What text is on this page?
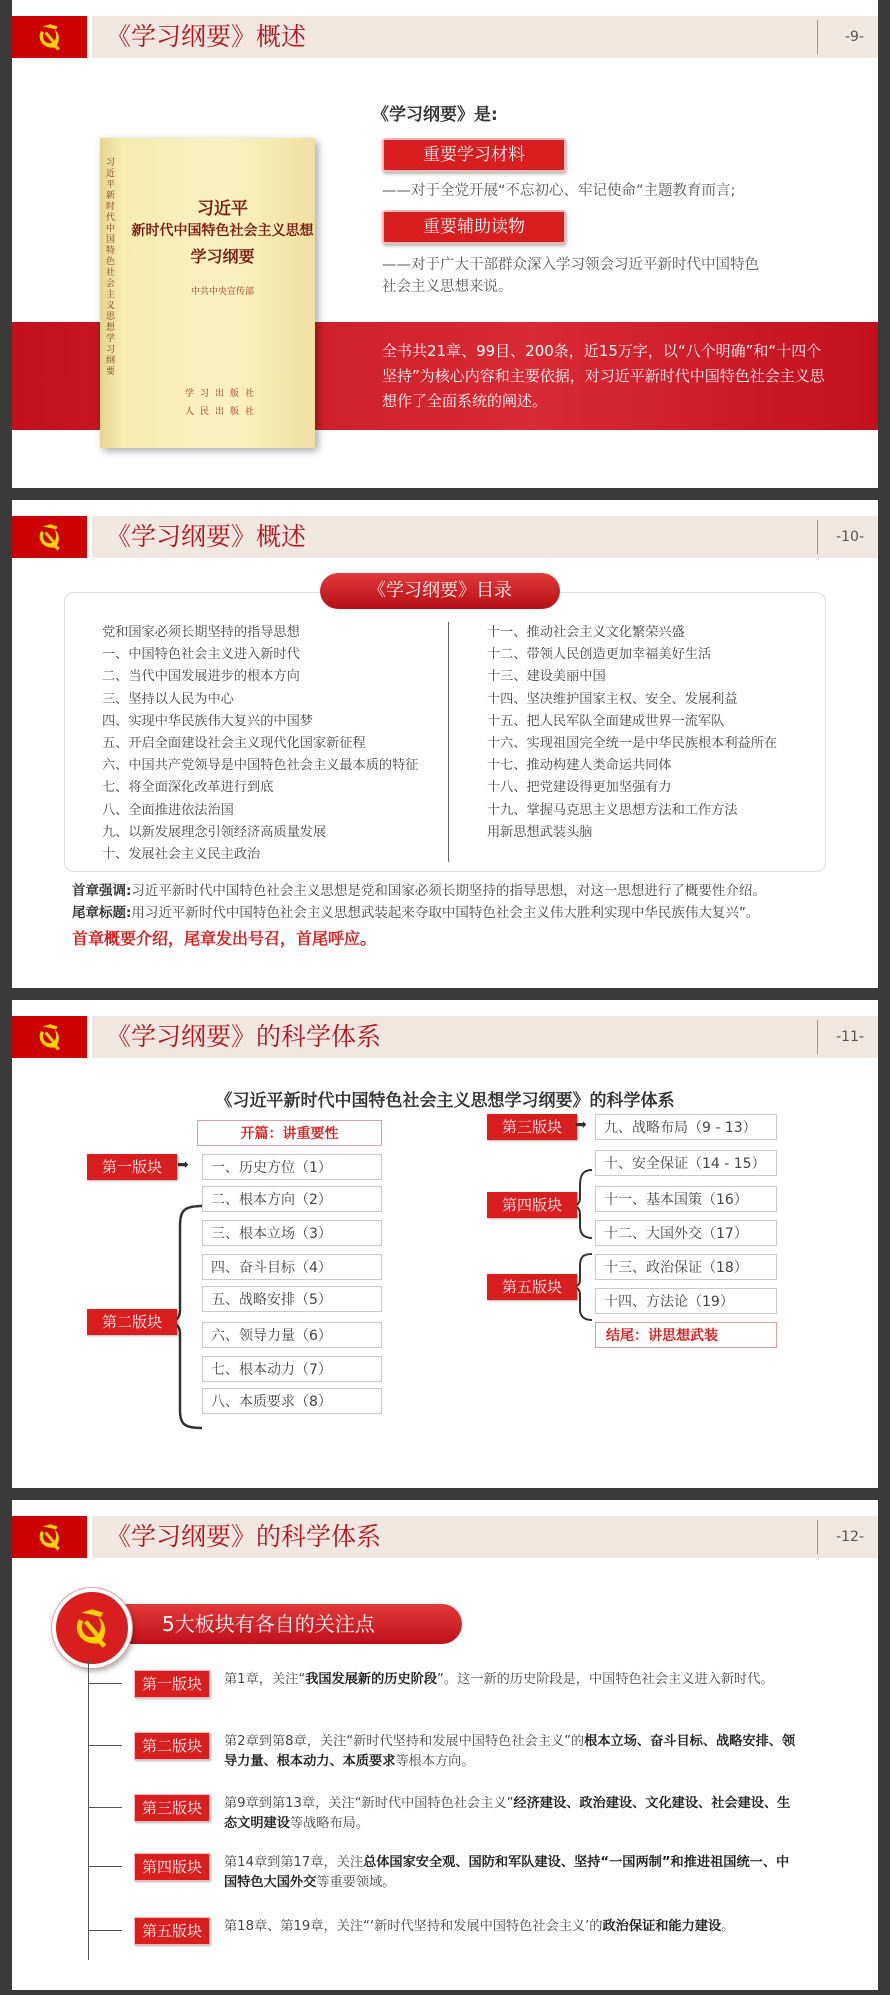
《学习纲要》概述	-9-
全书共21章、99目、200条，近15万字，以“八个明确”和“十四个坚持”为核心内容和主要依据，对习近平新时代中国特色社会主义思想作了全面系统的阐述。
习近平新时代中国特色社会主义思想学习纲要
习近平
新时代中国特色社会主义思想
学习纲要
中共中央宣传部
学习出版社
人民出版社
《学习纲要》是:
重要学习材料
——对于全党开展“不忘初心、牢记使命”主题教育而言;
重要辅助读物
——对于广大干部群众深入学习领会习近平新时代中国特色
社会主义思想来说。
《学习纲要》概述	-10-
《学习纲要》目录
党和国家必须长期坚持的指导思想
一、中国特色社会主义进入新时代
二、当代中国发展进步的根本方向
三、坚持以人民为中心
四、实现中华民族伟大复兴的中国梦
五、开启全面建设社会主义现代化国家新征程
六、中国共产党领导是中国特色社会主义最本质的特征
七、将全面深化改革进行到底
八、全面推进依法治国
九、以新发展理念引领经济高质量发展
十、发展社会主义民主政治
十一、推动社会主义文化繁荣兴盛
十二、带领人民创造更加幸福美好生活
十三、建设美丽中国
十四、坚决维护国家主权、安全、发展利益
十五、把人民军队全面建成世界一流军队
十六、实现祖国完全统一是中华民族根本利益所在
十七、推动构建人类命运共同体
十八、把党建设得更加坚强有力
十九、掌握马克思主义思想方法和工作方法
用新思想武装头脑
首章强调:习近平新时代中国特色社会主义思想是党和国家必须长期坚持的指导思想，对这一思想进行了概要性介绍。
尾章标题:用习近平新时代中国特色社会主义思想武装起来夺取中国特色社会主义伟大胜利实现中华民族伟大复兴”。
首章概要介绍，尾章发出号召，首尾呼应。
《学习纲要》的科学体系	-11-
《习近平新时代中国特色社会主义思想学习纲要》的科学体系
开篇：讲重要性
第一版块	➡	一、历史方位（1）
二、根本方向（2）
三、根本立场（3）
四、奋斗目标（4）
第二版块
五、战略安排（5）
六、领导力量（6）
七、根本动力（7）
八、本质要求（8）
第三版块 ➡	九、战略布局（9 - 13）
第四版块
十、安全保证（14 - 15）
十一、基本国策（16）
十二、大国外交（17）
第五版块
十三、政治保证（18）
十四、方法论（19）
结尾：讲思想武装
《学习纲要》的科学体系	-12-
5大板块有各自的关注点
第一版块	第1章，关注“我国发展新的历史阶段”。这一新的历史阶段是，中国特色社会主义进入新时代。
第二版块	第2章到第8章，关注“新时代坚持和发展中国特色社会主义”的根本立场、奋斗目标、战略安排、领导力量、根本动力、本质要求等根本方向。
第三版块	第9章到第13章，关注“新时代中国特色社会主义”经济建设、政治建设、文化建设、社会建设、生态文明建设等战略布局。
第四版块	第14章到第17章，关注总体国家安全观、国防和军队建设、坚持“一国两制”和推进祖国统一、中国特色大国外交等重要领域。
第五版块	第18章、第19章，关注“‘新时代坚持和发展中国特色社会主义’的政治保证和能力建设。
